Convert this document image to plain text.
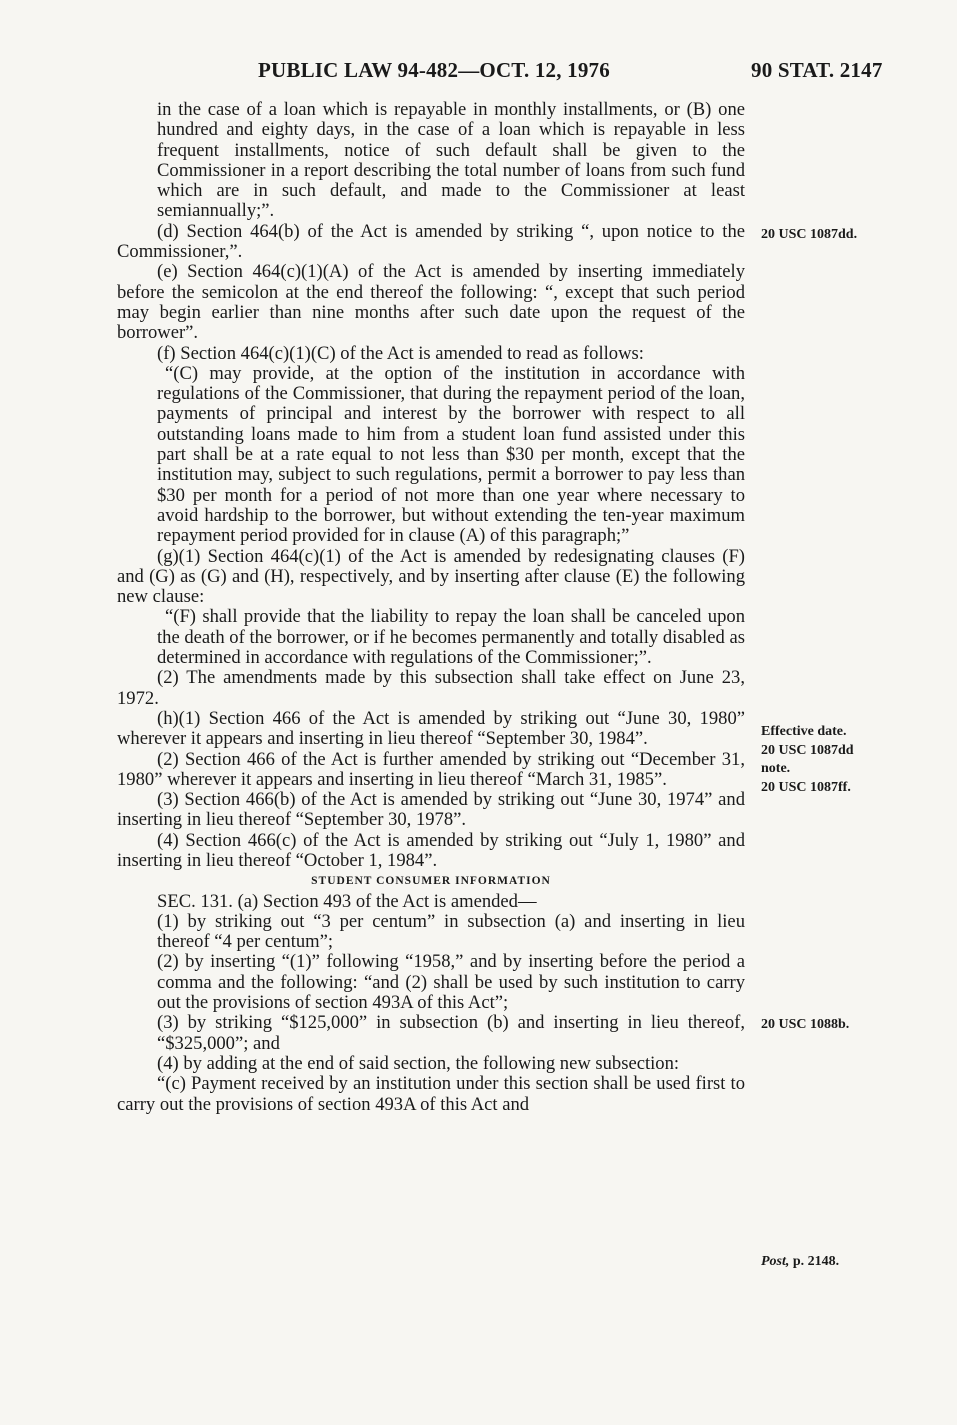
PUBLIC LAW 94-482—OCT. 12, 1976	90 STAT. 2147

in the case of a loan which is repayable in monthly installments, or (B) one hundred and eighty days, in the case of a loan which is repayable in less frequent installments, notice of such default shall be given to the Commissioner in a report describing the total number of loans from such fund which are in such default, and made to the Commissioner at least semiannually;”.

(d) Section 464(b) of the Act is amended by striking “, upon notice to the Commissioner,”.

(e) Section 464(c)(1)(A) of the Act is amended by inserting immediately before the semicolon at the end thereof the following: “, except that such period may begin earlier than nine months after such date upon the request of the borrower”.

(f) Section 464(c)(1)(C) of the Act is amended to read as follows:

“(C) may provide, at the option of the institution in accordance with regulations of the Commissioner, that during the repayment period of the loan, payments of principal and interest by the borrower with respect to all outstanding loans made to him from a student loan fund assisted under this part shall be at a rate equal to not less than $30 per month, except that the institution may, subject to such regulations, permit a borrower to pay less than $30 per month for a period of not more than one year where necessary to avoid hardship to the borrower, but without extending the ten-year maximum repayment period provided for in clause (A) of this paragraph;”

(g)(1) Section 464(c)(1) of the Act is amended by redesignating clauses (F) and (G) as (G) and (H), respectively, and by inserting after clause (E) the following new clause:

“(F) shall provide that the liability to repay the loan shall be canceled upon the death of the borrower, or if he becomes permanently and totally disabled as determined in accordance with regulations of the Commissioner;”.

(2) The amendments made by this subsection shall take effect on June 23, 1972.

(h)(1) Section 466 of the Act is amended by striking out “June 30, 1980” wherever it appears and inserting in lieu thereof “September 30, 1984”.

(2) Section 466 of the Act is further amended by striking out “December 31, 1980” wherever it appears and inserting in lieu thereof “March 31, 1985”.

(3) Section 466(b) of the Act is amended by striking out “June 30, 1974” and inserting in lieu thereof “September 30, 1978”.

(4) Section 466(c) of the Act is amended by striking out “July 1, 1980” and inserting in lieu thereof “October 1, 1984”.

STUDENT CONSUMER INFORMATION

SEC. 131. (a) Section 493 of the Act is amended—

(1) by striking out “3 per centum” in subsection (a) and inserting in lieu thereof “4 per centum”;

(2) by inserting “(1)” following “1958,” and by inserting before the period a comma and the following: “and (2) shall be used by such institution to carry out the provisions of section 493A of this Act”;

(3) by striking “$125,000” in subsection (b) and inserting in lieu thereof, “$325,000”; and

(4) by adding at the end of said section, the following new subsection:

“(c) Payment received by an institution under this section shall be used first to carry out the provisions of section 493A of this Act and

20 USC 1087dd.
Effective date.
20 USC 1087dd
note.
20 USC 1087ff.
20 USC 1088b.
Post, p. 2148.
